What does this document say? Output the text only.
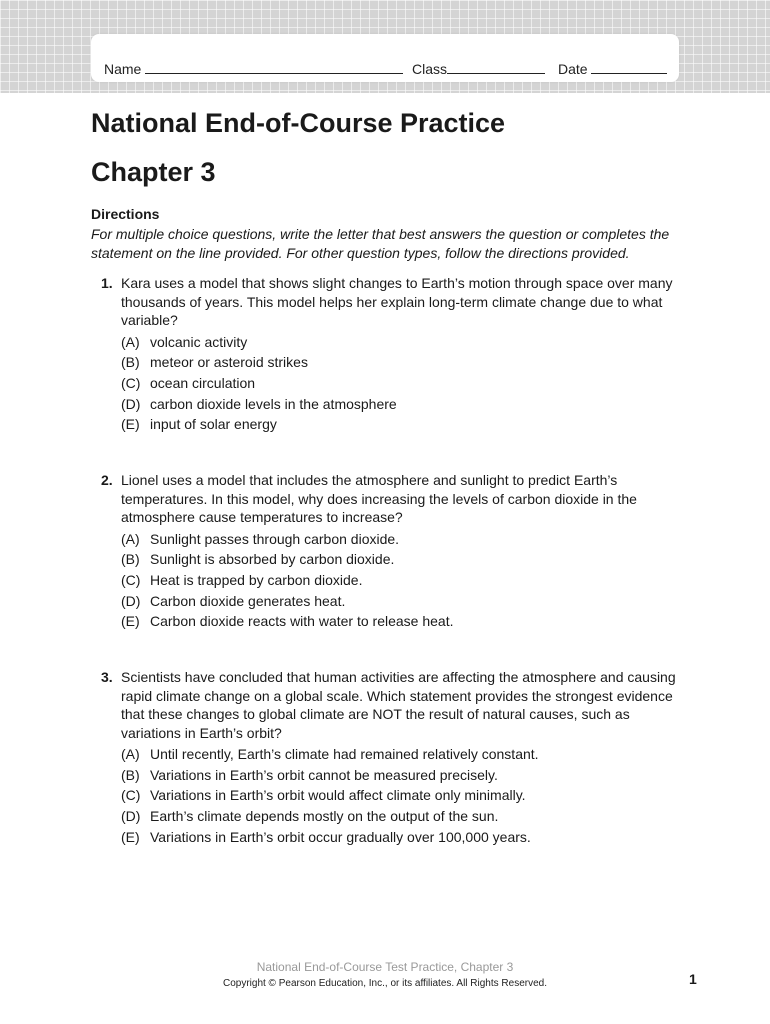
Name	Class	Date
National End-of-Course Practice
Chapter 3
Directions
For multiple choice questions, write the letter that best answers the question or completes the statement on the line provided. For other question types, follow the directions provided.
1. Kara uses a model that shows slight changes to Earth’s motion through space over many thousands of years. This model helps her explain long-term climate change due to what variable?
(A) volcanic activity
(B) meteor or asteroid strikes
(C) ocean circulation
(D) carbon dioxide levels in the atmosphere
(E) input of solar energy
2. Lionel uses a model that includes the atmosphere and sunlight to predict Earth’s temperatures. In this model, why does increasing the levels of carbon dioxide in the atmosphere cause temperatures to increase?
(A) Sunlight passes through carbon dioxide.
(B) Sunlight is absorbed by carbon dioxide.
(C) Heat is trapped by carbon dioxide.
(D) Carbon dioxide generates heat.
(E) Carbon dioxide reacts with water to release heat.
3. Scientists have concluded that human activities are affecting the atmosphere and causing rapid climate change on a global scale. Which statement provides the strongest evidence that these changes to global climate are NOT the result of natural causes, such as variations in Earth’s orbit?
(A) Until recently, Earth’s climate had remained relatively constant.
(B) Variations in Earth’s orbit cannot be measured precisely.
(C) Variations in Earth’s orbit would affect climate only minimally.
(D) Earth’s climate depends mostly on the output of the sun.
(E) Variations in Earth’s orbit occur gradually over 100,000 years.
National End-of-Course Test Practice, Chapter 3
Copyright © Pearson Education, Inc., or its affiliates. All Rights Reserved.	1
